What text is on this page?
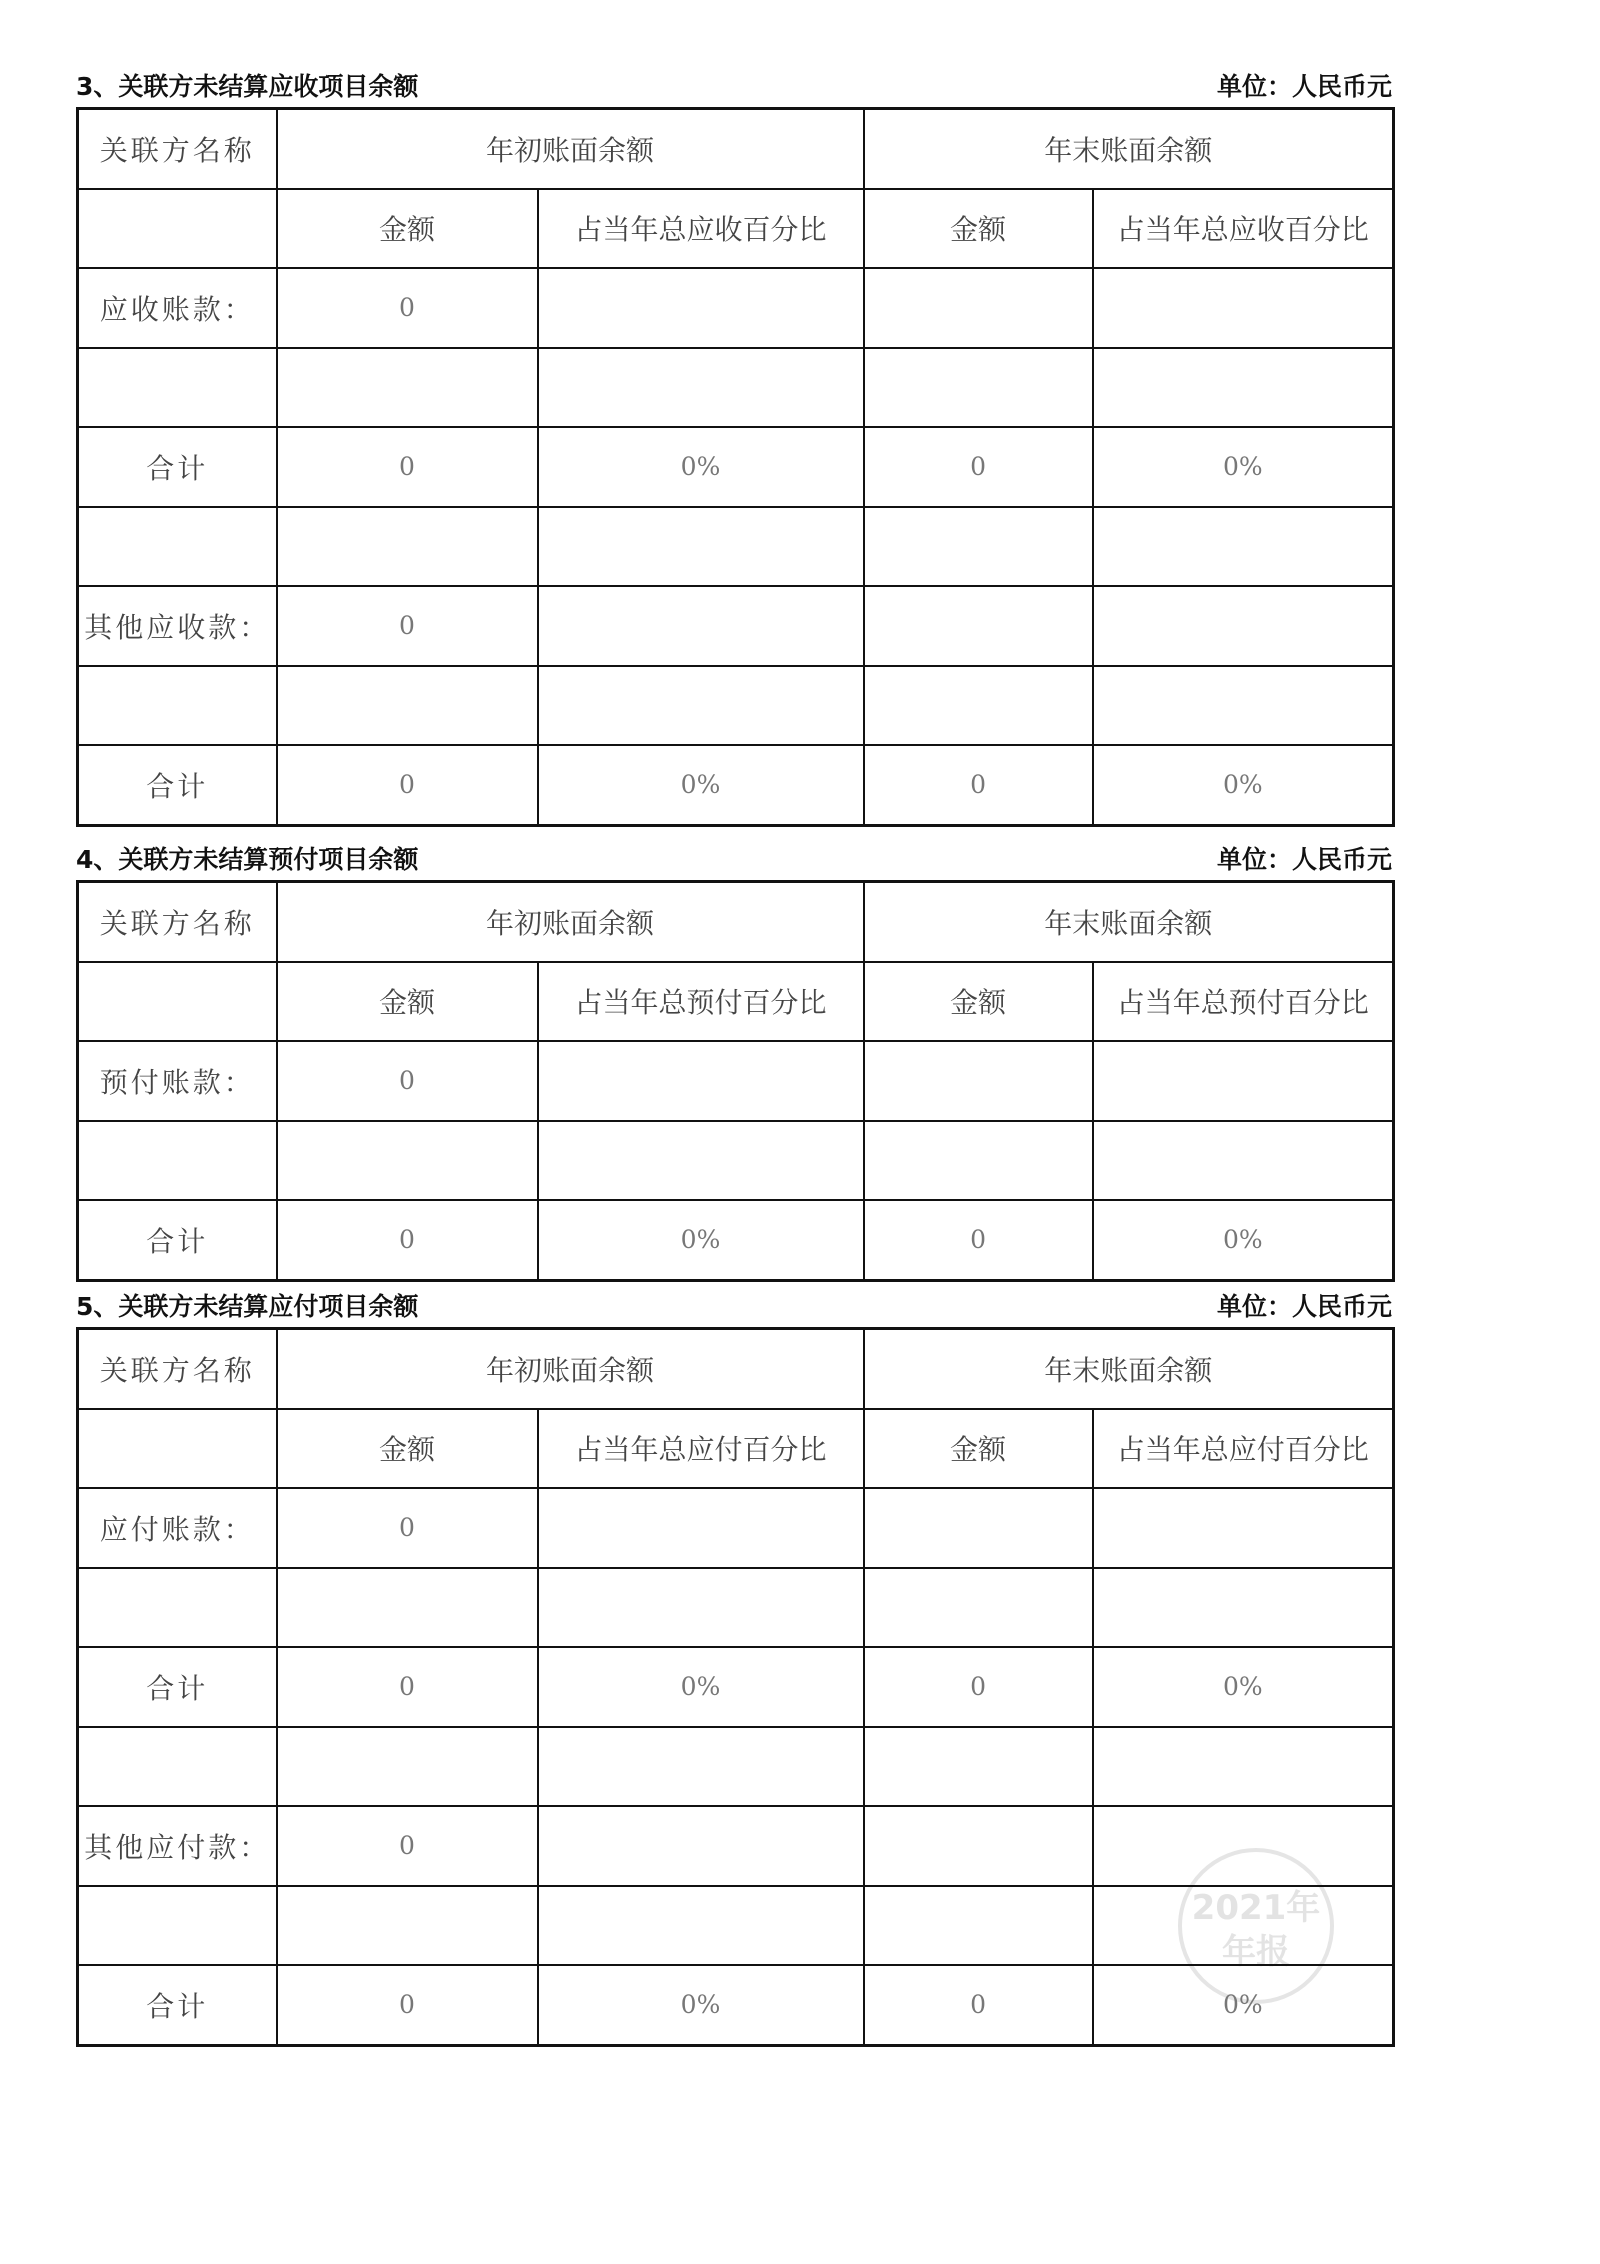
2021年
年报
3、关联方未结算应收项目余额	单位：人民币元
关联方名称	年初账面余额		年末账面余额	
	金额	占当年总应收百分比	金额	占当年总应收百分比
应收账款：	0			

合计	0	0%	0	0%

其他应收款：	0			

合计	0	0%	0	0%
4、关联方未结算预付项目余额	单位：人民币元
关联方名称	年初账面余额		年末账面余额	
	金额	占当年总预付百分比	金额	占当年总预付百分比
预付账款：	0			

合计	0	0%	0	0%
5、关联方未结算应付项目余额	单位：人民币元
关联方名称	年初账面余额		年末账面余额	
	金额	占当年总应付百分比	金额	占当年总应付百分比
应付账款：	0			

合计	0	0%	0	0%

其他应付款：	0			

合计	0	0%	0	0%
